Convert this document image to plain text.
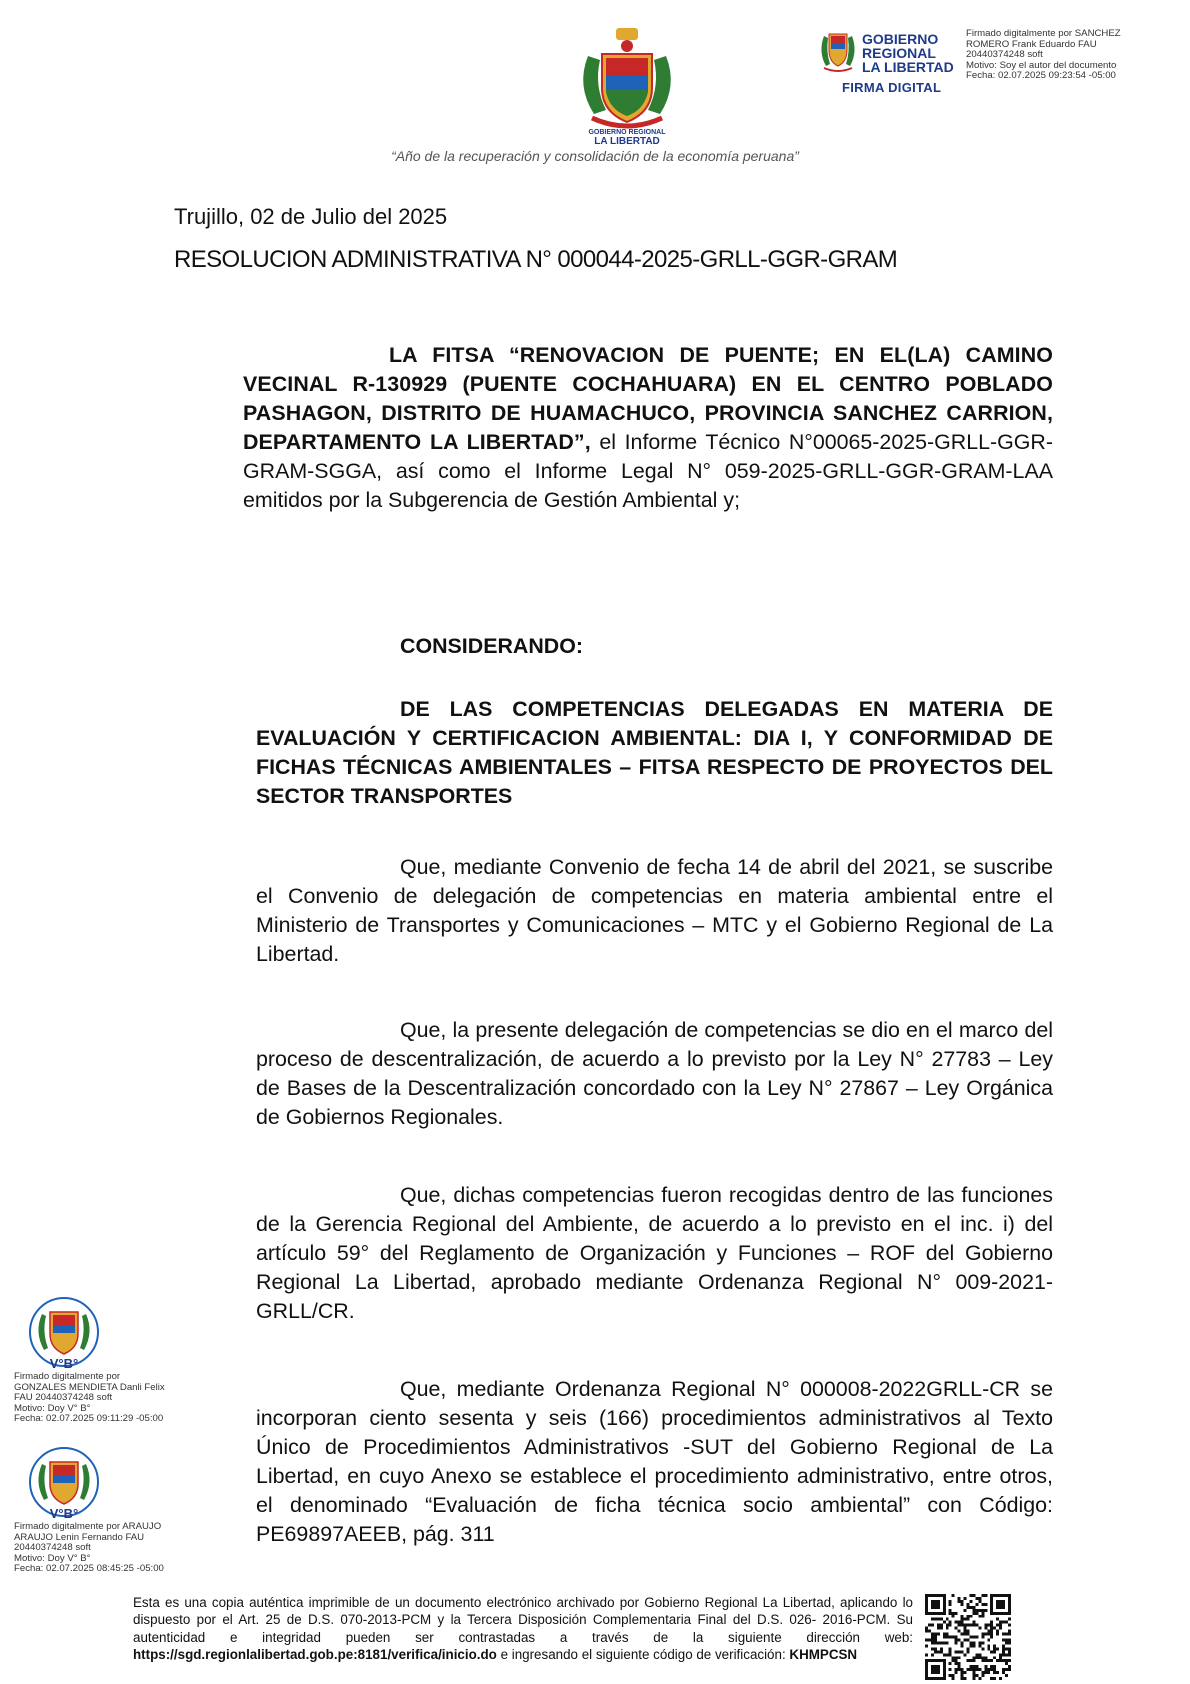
GOBIERNO REGIONAL
LA LIBERTAD
“Año de la recuperación y consolidación de la economía peruana”
GOBIERNO
REGIONAL
LA LIBERTAD
FIRMA DIGITAL
Firmado digitalmente por SANCHEZ
ROMERO Frank Eduardo FAU
20440374248 soft
Motivo: Soy el autor del documento
Fecha: 02.07.2025 09:23:54 -05:00
Trujillo, 02 de Julio del 2025
RESOLUCION ADMINISTRATIVA N° 000044-2025-GRLL-GGR-GRAM
LA FITSA “RENOVACION DE PUENTE; EN EL(LA) CAMINO VECINAL R-130929 (PUENTE COCHAHUARA) EN EL CENTRO POBLADO PASHAGON, DISTRITO DE HUAMACHUCO, PROVINCIA SANCHEZ CARRION, DEPARTAMENTO LA LIBERTAD”, el Informe Técnico N°00065-2025-GRLL-GGR-GRAM-SGGA, así como el Informe Legal N° 059-2025-GRLL-GGR-GRAM-LAA emitidos por la Subgerencia de Gestión Ambiental y;
CONSIDERANDO:
DE LAS COMPETENCIAS DELEGADAS EN MATERIA DE EVALUACIÓN Y CERTIFICACION AMBIENTAL: DIA I, Y CONFORMIDAD DE FICHAS TÉCNICAS AMBIENTALES – FITSA RESPECTO DE PROYECTOS DEL SECTOR TRANSPORTES
Que, mediante Convenio de fecha 14 de abril del 2021, se suscribe el Convenio de delegación de competencias en materia ambiental entre el Ministerio de Transportes y Comunicaciones – MTC y el Gobierno Regional de La Libertad.
Que, la presente delegación de competencias se dio en el marco del proceso de descentralización, de acuerdo a lo previsto por la Ley N° 27783 – Ley de Bases de la Descentralización concordado con la Ley N° 27867 – Ley Orgánica de Gobiernos Regionales.
Que, dichas competencias fueron recogidas dentro de las funciones de la Gerencia Regional del Ambiente, de acuerdo a lo previsto en el inc. i) del artículo 59° del Reglamento de Organización y Funciones – ROF del Gobierno Regional La Libertad, aprobado mediante Ordenanza Regional N° 009-2021-GRLL/CR.
Que, mediante Ordenanza Regional N° 000008-2022GRLL-CR se incorporan ciento sesenta y seis (166) procedimientos administrativos al Texto Único de Procedimientos Administrativos -SUT del Gobierno Regional de La Libertad, en cuyo Anexo se establece el procedimiento administrativo, entre otros, el denominado “Evaluación de ficha técnica socio ambiental” con Código: PE69897AEEB, pág. 311
V°B°
Firmado digitalmente por
GONZALES MENDIETA Danli Felix
FAU 20440374248 soft
Motivo: Doy V° B°
Fecha: 02.07.2025 09:11:29 -05:00
V°B°
Firmado digitalmente por ARAUJO
ARAUJO Lenin Fernando FAU
20440374248 soft
Motivo: Doy V° B°
Fecha: 02.07.2025 08:45:25 -05:00
Esta es una copia auténtica imprimible de un documento electrónico archivado por Gobierno Regional La Libertad, aplicando lo dispuesto por el Art. 25 de D.S. 070-2013-PCM y la Tercera Disposición Complementaria Final del D.S. 026- 2016-PCM. Su autenticidad e integridad pueden ser contrastadas a través de la siguiente dirección web: https://sgd.regionlalibertad.gob.pe:8181/verifica/inicio.do e ingresando el siguiente código de verificación: KHMPCSN
